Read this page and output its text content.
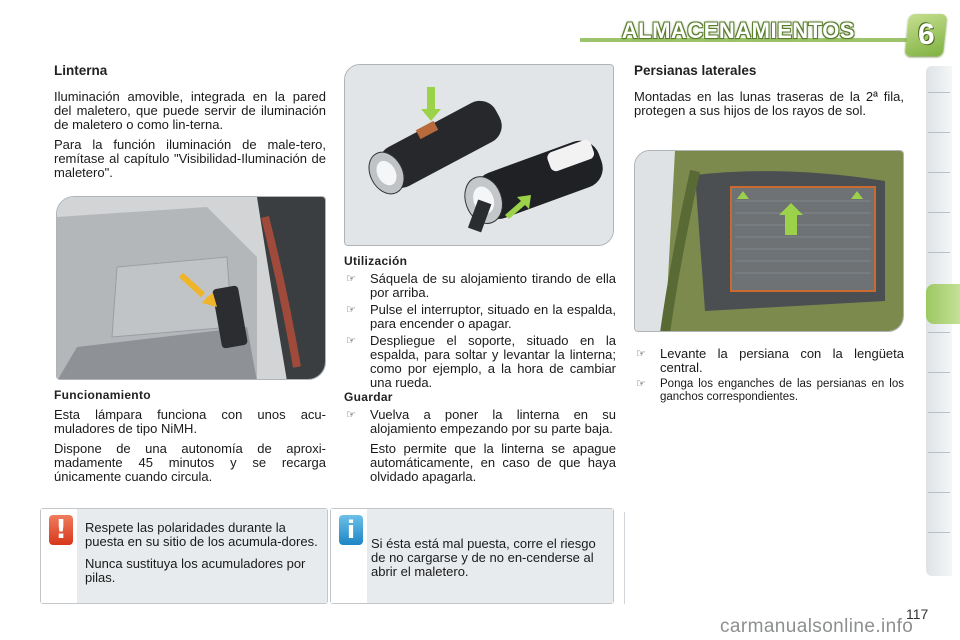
ALMACENAMIENTOS 6
Linterna

Iluminación amovible, integrada en la pared del maletero, que puede servir de iluminación de maletero o como lin-terna.

Para la función iluminación de male-tero, remítase al capítulo "Visibilidad-Iluminación de maletero".

Funcionamiento

Esta lámpara funciona con unos acu-muladores de tipo NiMH.

Dispone de una autonomía de aproxi-madamente 45 minutos y se recarga únicamente cuando circula.

!	Respete las polaridades durante la puesta en su sitio de los acumula-dores.

Nunca sustituya los acumuladores por pilas.

Utilización
☞ Sáquela de su alojamiento tirando de ella por arriba.
☞ Pulse el interruptor, situado en la espalda, para encender o apagar.
☞ Despliegue el soporte, situado en la espalda, para soltar y levantar la linterna; como por ejemplo, a la hora de cambiar una rueda.
Guardar
☞ Vuelva a poner la linterna en su alojamiento empezando por su parte baja.
Esto permite que la linterna se apague automáticamente, en caso de que haya olvidado apagarla.
i	Si ésta está mal puesta, corre el riesgo de no cargarse y de no en-cenderse al abrir el maletero.

Persianas laterales

Montadas en las lunas traseras de la 2ª fila, protegen a sus hijos de los rayos de sol.

☞ Levante la persiana con la lengüeta central.
☞ Ponga los enganches de las persianas en los ganchos correspondientes.
117
carmanualsonline.info
